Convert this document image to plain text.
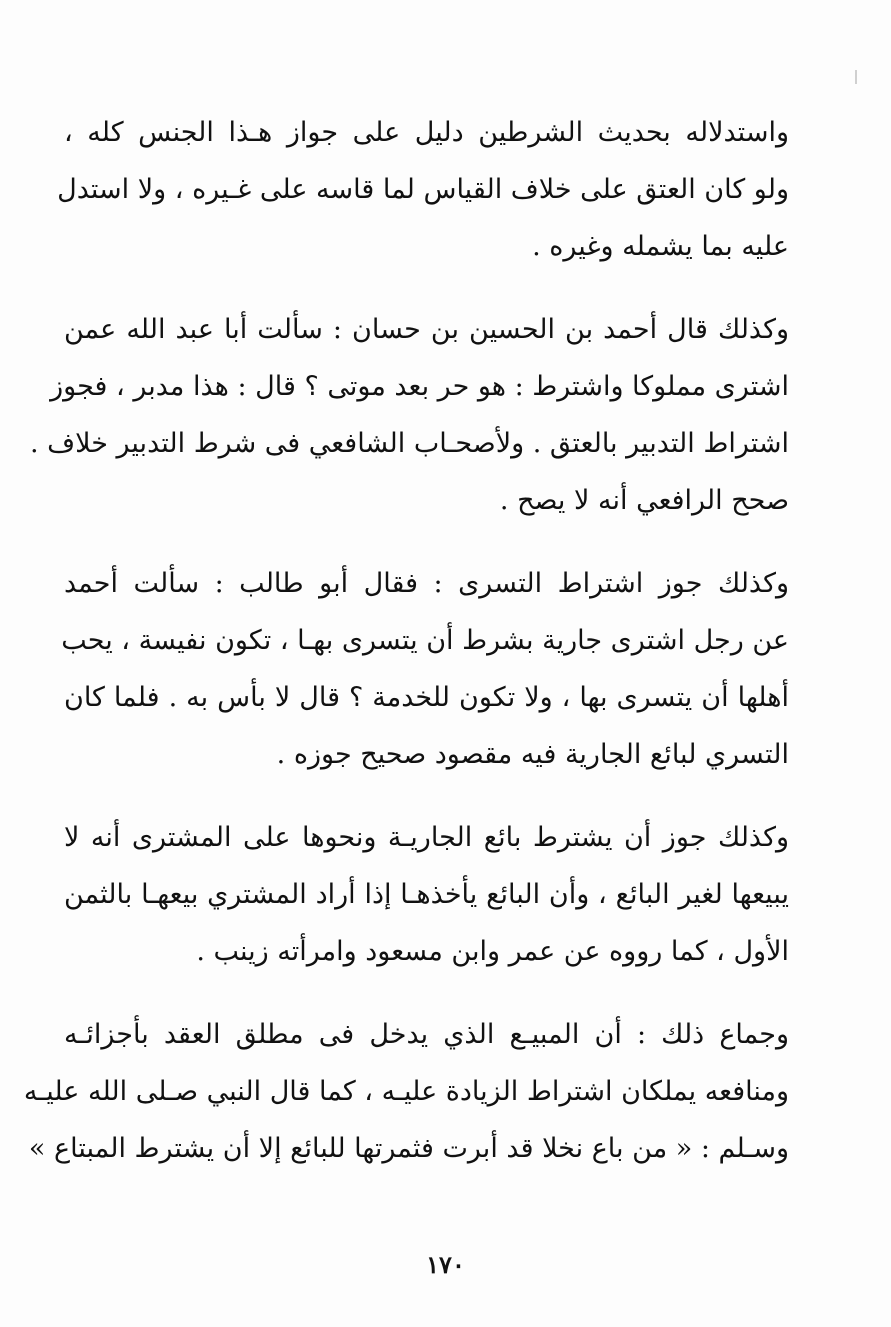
واستدلاله بحديث الشرطين دليل على جواز هـذا الجنس كله ،
ولو كان العتق على خلاف القياس لما قاسه على غـيره ، ولا استدل
عليه بما يشمله وغيره .
وكذلك قال أحمد بن الحسين بن حسان : سألت أبا عبد الله عمن
اشترى مملوكا واشترط : هو حر بعد موتى ؟ قال : هذا مدبر ، فجوز
اشتراط التدبير بالعتق . ولأصحـاب الشافعي فى شرط التدبير خلاف .
صحح الرافعي أنه لا يصح .
وكذلك جوز اشتراط التسرى : فقال أبو طالب : سألت أحمد
عن رجل اشترى جارية بشرط أن يتسرى بهـا ، تكون نفيسة ، يحب
أهلها أن يتسرى بها ، ولا تكون للخدمة ؟ قال لا بأس به . فلما كان
التسري لبائع الجارية فيه مقصود صحيح جوزه .
وكذلك جوز أن يشترط بائع الجاريـة ونحوها على المشترى أنه لا
يبيعها لغير البائع ، وأن البائع يأخذهـا إذا أراد المشتري بيعهـا بالثمن
الأول ، كما رووه عن عمر وابن مسعود وامرأته زينب .
وجماع ذلك : أن المبيـع الذي يدخل فى مطلق العقد بأجزائـه
ومنافعه يملكان اشتراط الزيادة عليـه ، كما قال النبي صـلى الله عليـه
وسـلم : « من باع نخلا قد أبرت فثمرتها للبائع إلا أن يشترط المبتاع »
١٧٠
